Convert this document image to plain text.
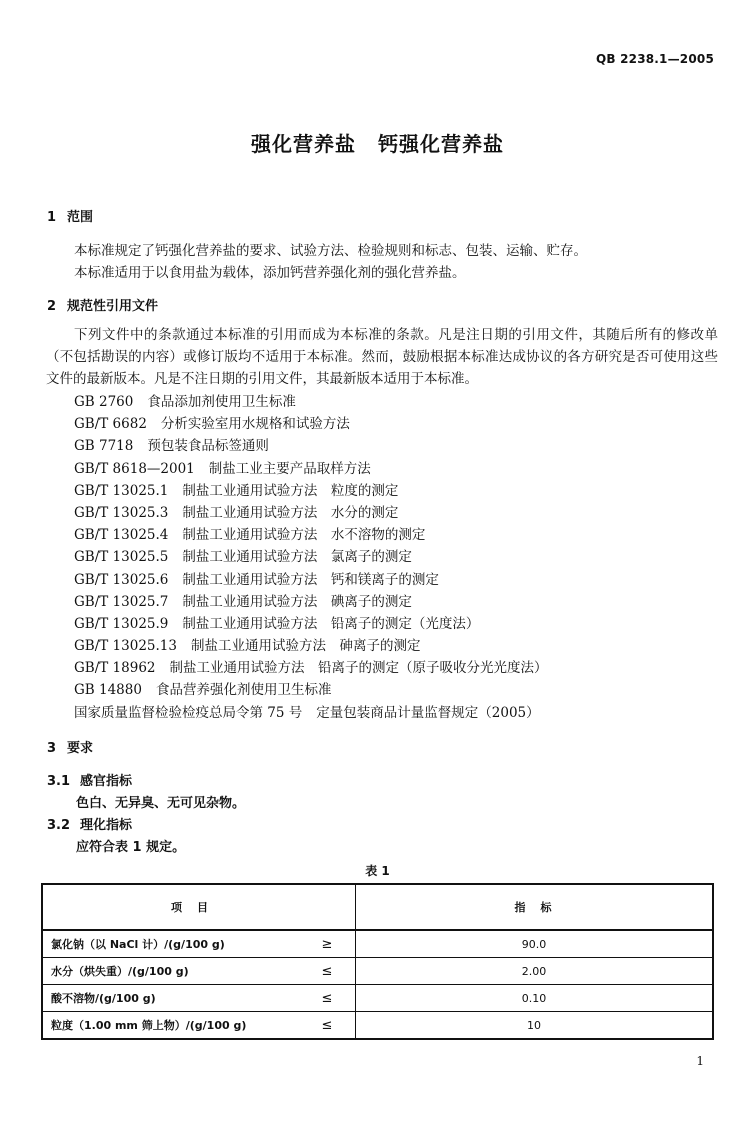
QB 2238.1—2005
强化营养盐 钙强化营养盐
1 范围
本标准规定了钙强化营养盐的要求、试验方法、检验规则和标志、包装、运输、贮存。
本标准适用于以食用盐为载体，添加钙营养强化剂的强化营养盐。
2 规范性引用文件
下列文件中的条款通过本标准的引用而成为本标准的条款。凡是注日期的引用文件，其随后所有的修改单（不包括勘误的内容）或修订版均不适用于本标准。然而，鼓励根据本标准达成协议的各方研究是否可使用这些文件的最新版本。凡是不注日期的引用文件，其最新版本适用于本标准。
GB 2760 食品添加剂使用卫生标准
GB/T 6682 分析实验室用水规格和试验方法
GB 7718 预包装食品标签通则
GB/T 8618—2001 制盐工业主要产品取样方法
GB/T 13025.1 制盐工业通用试验方法　粒度的测定
GB/T 13025.3 制盐工业通用试验方法　水分的测定
GB/T 13025.4 制盐工业通用试验方法　水不溶物的测定
GB/T 13025.5 制盐工业通用试验方法　氯离子的测定
GB/T 13025.6 制盐工业通用试验方法　钙和镁离子的测定
GB/T 13025.7 制盐工业通用试验方法　碘离子的测定
GB/T 13025.9 制盐工业通用试验方法　铅离子的测定（光度法）
GB/T 13025.13 制盐工业通用试验方法　砷离子的测定
GB/T 18962 制盐工业通用试验方法　铅离子的测定（原子吸收分光光度法）
GB 14880 食品营养强化剂使用卫生标准
国家质量监督检验检疫总局令第 75 号 定量包装商品计量监督规定（2005）
3 要求
3.1 感官指标
色白、无异臭、无可见杂物。
3.2 理化指标
应符合表 1 规定。
表 1
项　目		指　标
氯化钠（以 NaCl 计）/(g/100 g)	≥	90.0
水分（烘失重）/(g/100 g)	≤	2.00
酸不溶物/(g/100 g)	≤	0.10
粒度（1.00 mm 筛上物）/(g/100 g)	≤	10
1
